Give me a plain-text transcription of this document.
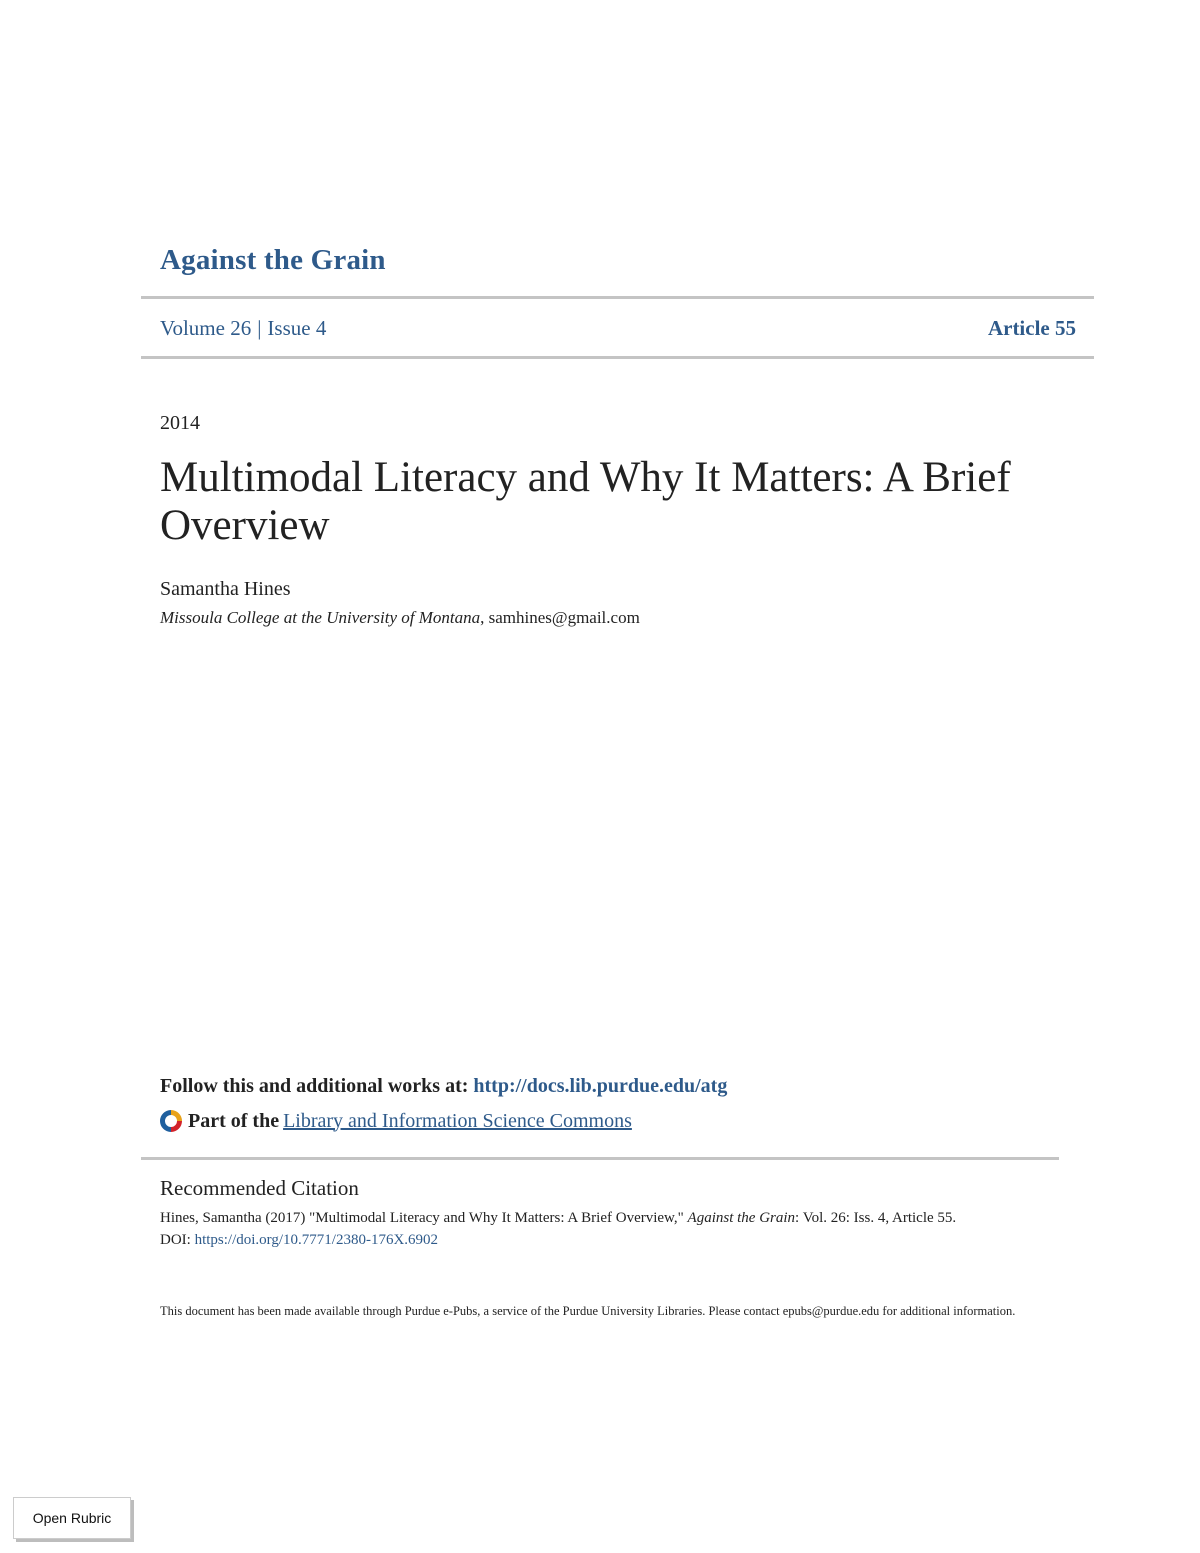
Against the Grain
Volume 26 | Issue 4	Article 55
2014
Multimodal Literacy and Why It Matters: A Brief Overview
Samantha Hines
Missoula College at the University of Montana, samhines@gmail.com
Follow this and additional works at: http://docs.lib.purdue.edu/atg
Part of the Library and Information Science Commons
Recommended Citation
Hines, Samantha (2017) "Multimodal Literacy and Why It Matters: A Brief Overview," Against the Grain: Vol. 26: Iss. 4, Article 55.
DOI: https://doi.org/10.7771/2380-176X.6902
This document has been made available through Purdue e-Pubs, a service of the Purdue University Libraries. Please contact epubs@purdue.edu for additional information.
Open Rubric
